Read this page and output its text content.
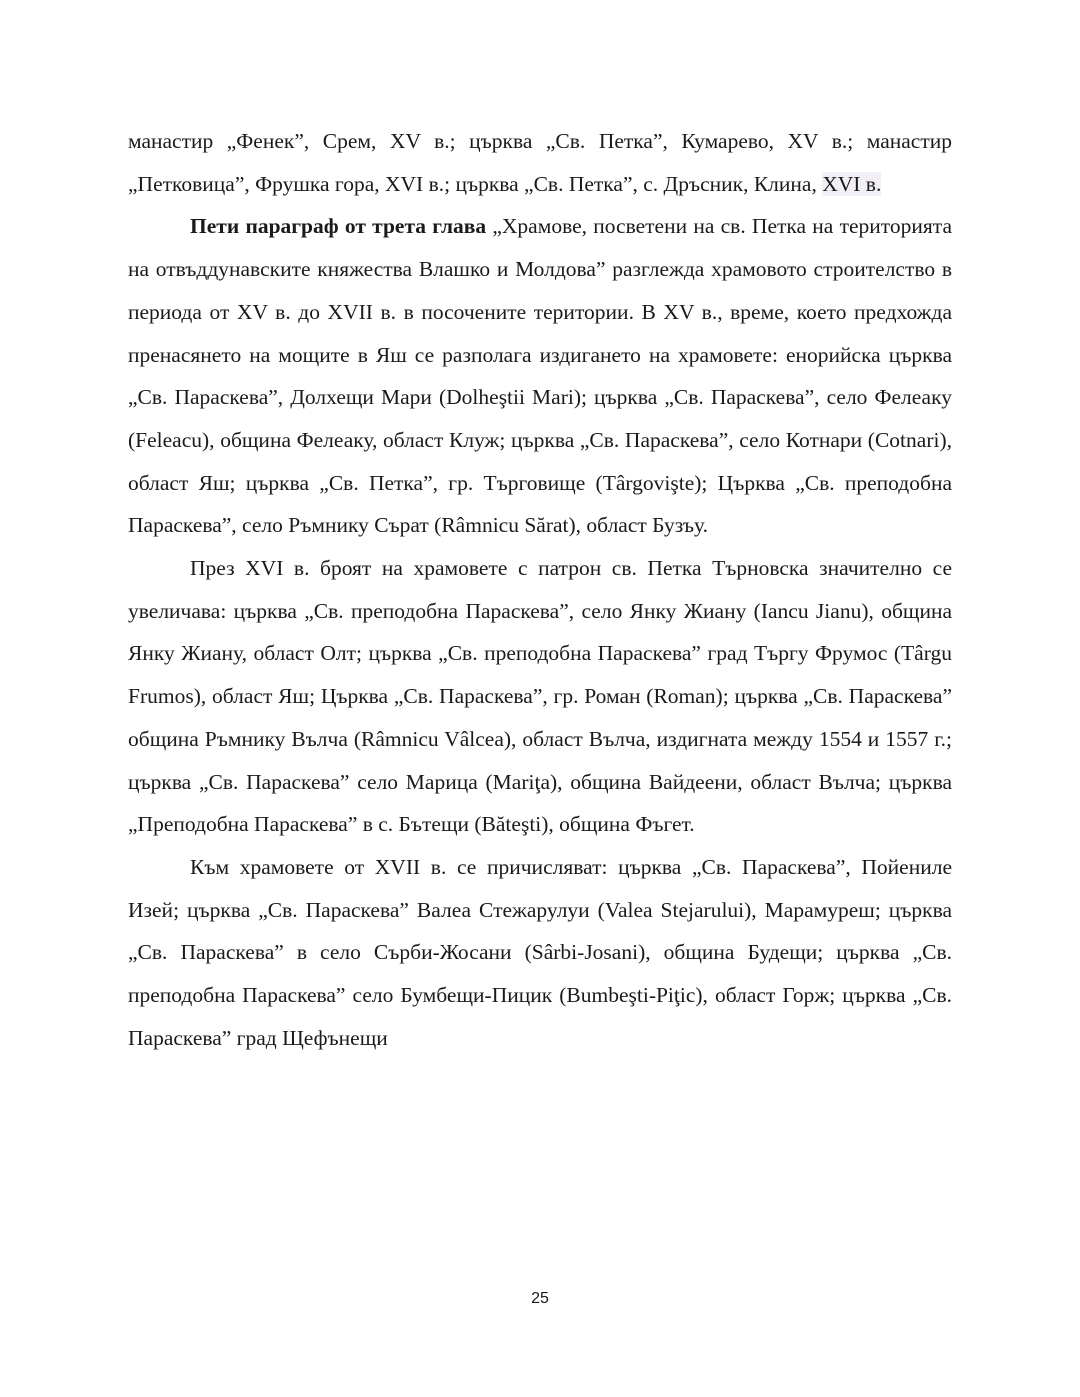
манастир „Фенек”, Срем, XV в.; църква „Св. Петка”, Кумарево, XV в.; манастир „Петковица”, Фрушка гора, XVI в.; църква „Св. Петка”, с. Дръсник, Клина, XVI в.

Пети параграф от трета глава „Храмове, посветени на св. Петка на територията на отвъддунавските княжества Влашко и Молдова” разглежда храмовото строителство в периода от XV в. до XVII в. в посочените територии. В XV в., време, което предхожда пренасянето на мощите в Яш се разполага издигането на храмовете: енорийска църква „Св. Параскева”, Долхещи Мари (Dolheştii Mari); църква „Св. Параскева”, село Фелеаку (Feleacu), община Фелеаку, област Клуж; църква „Св. Параскева”, село Котнари (Cotnari), област Яш; църква „Св. Петка”, гр. Търговище (Târgovişte); Църква „Св. преподобна Параскева”, село Ръмнику Сърат (Râmnicu Sărat), област Бузъу.

През XVI в. броят на храмовете с патрон св. Петка Търновска значително се увеличава: църква „Св. преподобна Параскева”, село Янку Жиану (Iancu Jianu), община Янку Жиану, област Олт; църква „Св. преподобна Параскева” град Търгу Фрумос (Târgu Frumos), област Яш; Църква „Св. Параскева”, гр. Роман (Roman); църква „Св. Параскева” община Ръмнику Вълча (Râmnicu Vâlcea), област Вълча, издигната между 1554 и 1557 г.; църква „Св. Параскева” село Марица (Mariţa), община Вайдеени, област Вълча; църква „Преподобна Параскева” в с. Бътещи (Băteşti), община Фъгет.

Към храмовете от XVII в. се причисляват: църква „Св. Параскева”, Пойениле Изей; църква „Св. Параскева” Валеа Стежарулуи (Valea Stejarului), Марамуреш; църква „Св. Параскева” в село Сърби-Жосани (Sârbi-Josani), община Будещи; църква „Св. преподобна Параскева” село Бумбещи-Пицик (Bumbeşti-Piţic), област Горж; църква „Св. Параскева” град Щефънещи

25
